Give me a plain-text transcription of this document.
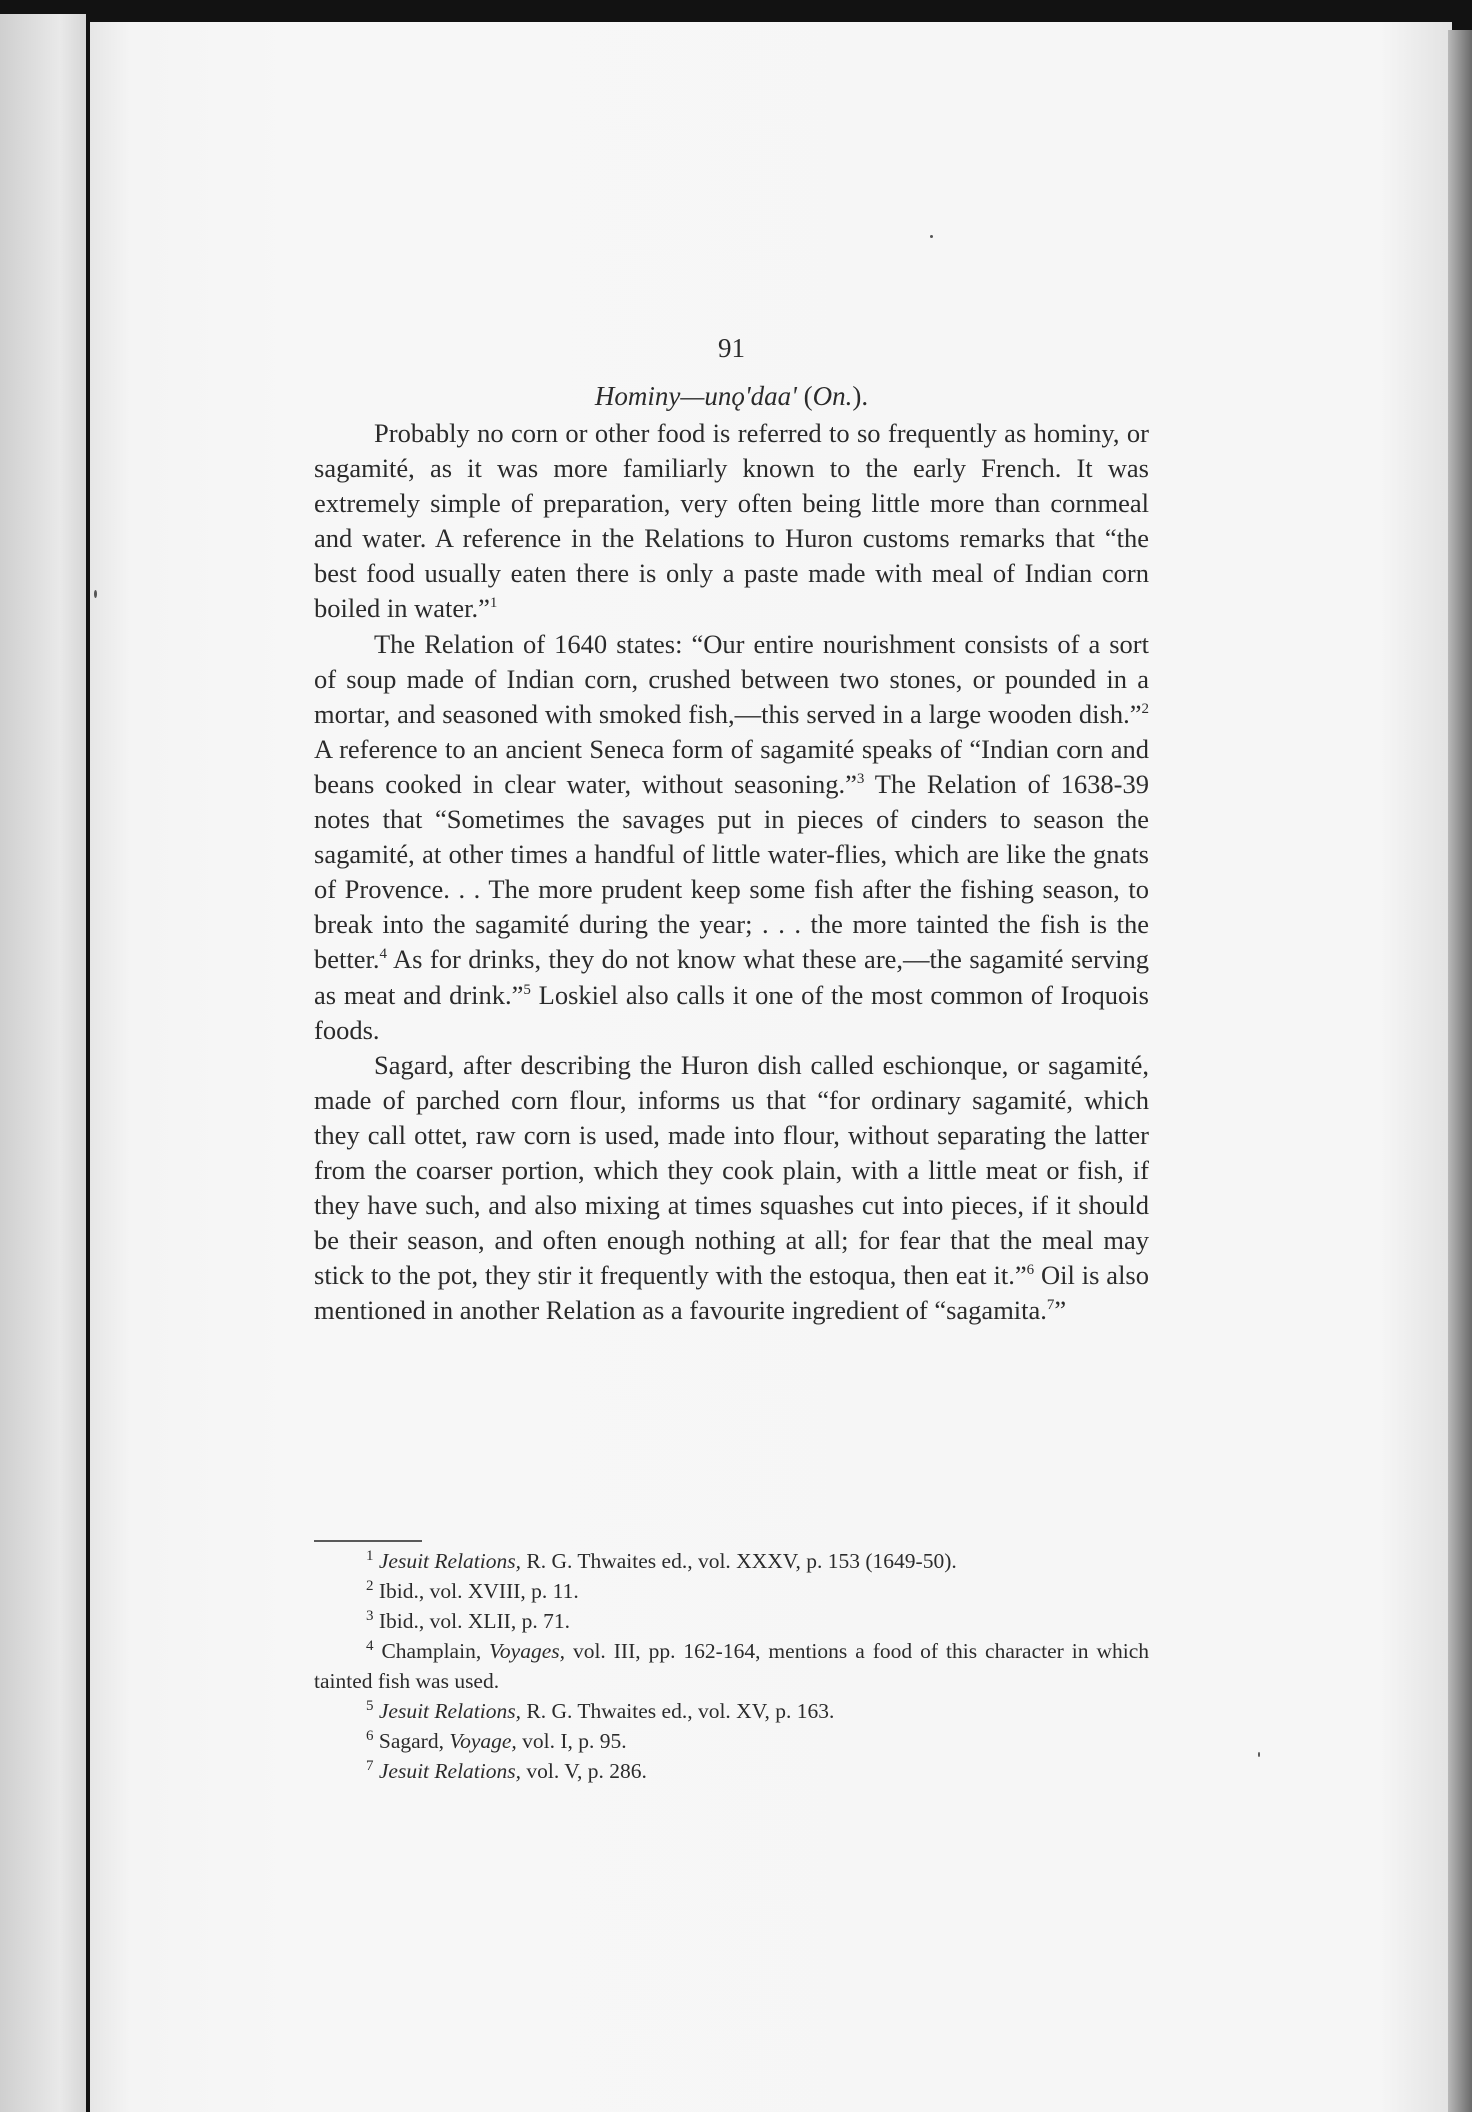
91
Hominy—unǫ'daa' (On.).

Probably no corn or other food is referred to so frequently as hominy, or sagamité, as it was more familiarly known to the early French. It was extremely simple of preparation, very often being little more than cornmeal and water. A reference in the Relations to Huron customs remarks that “the best food usually eaten there is only a paste made with meal of Indian corn boiled in water.”$^1$

The Relation of 1640 states: “Our entire nourishment consists of a sort of soup made of Indian corn, crushed between two stones, or pounded in a mortar, and seasoned with smoked fish,—this served in a large wooden dish.”$^2$ A reference to an ancient Seneca form of sagamité speaks of “Indian corn and beans cooked in clear water, without seasoning.”$^3$ The Relation of 1638-39 notes that “Sometimes the savages put in pieces of cinders to season the sagamité, at other times a handful of little water-flies, which are like the gnats of Provence. . . The more prudent keep some fish after the fishing season, to break into the sagamité during the year; . . . the more tainted the fish is the better.$^4$ As for drinks, they do not know what these are,—the sagamité serving as meat and drink.”$^5$ Loskiel also calls it one of the most common of Iroquois foods.

Sagard, after describing the Huron dish called eschionque, or sagamité, made of parched corn flour, informs us that “for ordinary sagamité, which they call ottet, raw corn is used, made into flour, without separating the latter from the coarser portion, which they cook plain, with a little meat or fish, if they have such, and also mixing at times squashes cut into pieces, if it should be their season, and often enough nothing at all; for fear that the meal may stick to the pot, they stir it frequently with the estoqua, then eat it.”$^6$ Oil is also mentioned in another Relation as a favourite ingredient of “sagamita.$^7$”

$^1$ Jesuit Relations, R. G. Thwaites ed., vol. XXXV, p. 153 (1649-50).

$^2$ Ibid., vol. XVIII, p. 11.

$^3$ Ibid., vol. XLII, p. 71.

$^4$ Champlain, Voyages, vol. III, pp. 162-164, mentions a food of this character in which tainted fish was used.

$^5$ Jesuit Relations, R. G. Thwaites ed., vol. XV, p. 163.

$^6$ Sagard, Voyage, vol. I, p. 95.

$^7$ Jesuit Relations, vol. V, p. 286.
